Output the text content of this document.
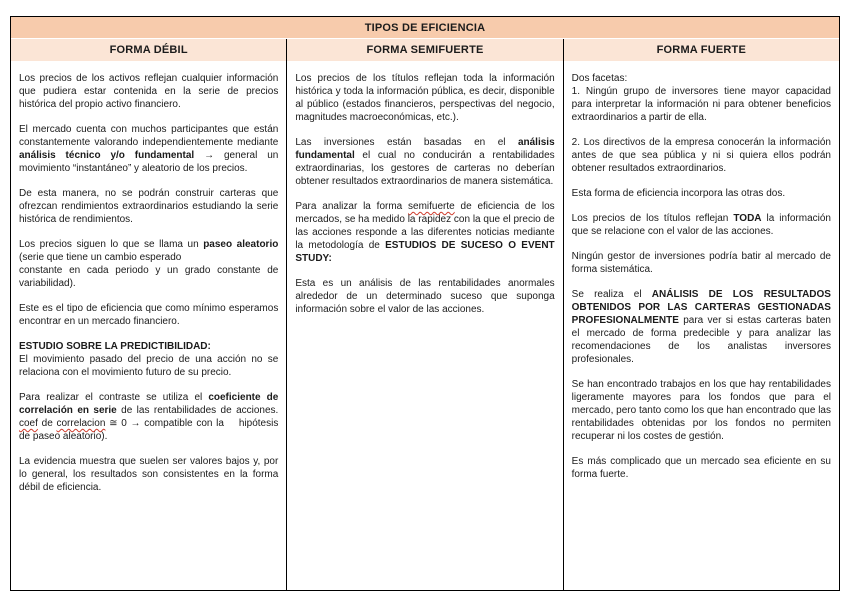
TIPOS DE EFICIENCIA
FORMA DÉBIL	FORMA SEMIFUERTE	FORMA FUERTE

Los precios de los activos reflejan cualquier información que pudiera estar contenida en la serie de precios histórica del propio activo financiero.

El mercado cuenta con muchos participantes que están constantemente valorando independientemente mediante análisis técnico y/o fundamental → general un movimiento “instantáneo” y aleatorio de los precios.

De esta manera, no se podrán construir carteras que ofrezcan rendimientos extraordinarios estudiando la serie histórica de rendimientos.

Los precios siguen lo que se llama un paseo aleatorio (serie que tiene un cambio esperado
constante en cada periodo y un grado constante de variabilidad).

Este es el tipo de eficiencia que como mínimo esperamos encontrar en un mercado financiero.

ESTUDIO SOBRE LA PREDICTIBILIDAD:
El movimiento pasado del precio de una acción no se relaciona con el movimiento futuro de su precio.

Para realizar el contraste se utiliza el coeficiente de correlación en serie de las rentabilidades de acciones. coef de correlacion ≅ 0 → compatible con la    hipótesis de paseo aleatorio).

La evidencia muestra que suelen ser valores bajos y, por lo general, los resultados son consistentes en la forma débil de eficiencia.

Los precios de los títulos reflejan toda la información histórica y toda la información pública, es decir, disponible al público (estados financieros, perspectivas del negocio, magnitudes macroeconómicas, etc.).

Las inversiones están basadas en el análisis fundamental el cual no conducirán a rentabilidades extraordinarias, los gestores de carteras no deberían obtener resultados extraordinarios de manera sistemática.

Para analizar la forma semifuerte de eficiencia de los mercados, se ha medido la rapidez con la que el precio de las acciones responde a las diferentes noticias mediante la metodología de ESTUDIOS DE SUCESO O EVENT STUDY:

Esta es un análisis de las rentabilidades anormales alrededor de un determinado suceso que suponga información sobre el valor de las acciones.

Dos facetas:
1. Ningún grupo de inversores tiene mayor capacidad para interpretar la información ni para obtener beneficios extraordinarios a partir de ella.

2. Los directivos de la empresa conocerán la información antes de que sea pública y ni si quiera ellos podrán obtener resultados extraordinarios.

Esta forma de eficiencia incorpora las otras dos.

Los precios de los títulos reflejan TODA la información que se relacione con el valor de las acciones.

Ningún gestor de inversiones podría batir al mercado de forma sistemática.

Se realiza el ANÁLISIS DE LOS RESULTADOS OBTENIDOS POR LAS CARTERAS GESTIONADAS PROFESIONALMENTE para ver si estas carteras baten el mercado de forma predecible y para analizar las recomendaciones de los analistas inversores profesionales.

Se han encontrado trabajos en los que hay rentabilidades ligeramente mayores para los fondos que para el mercado, pero tanto como los que han encontrado que las rentabilidades obtenidas por los fondos no permiten recuperar ni los costes de gestión.

Es más complicado que un mercado sea eficiente en su forma fuerte.
